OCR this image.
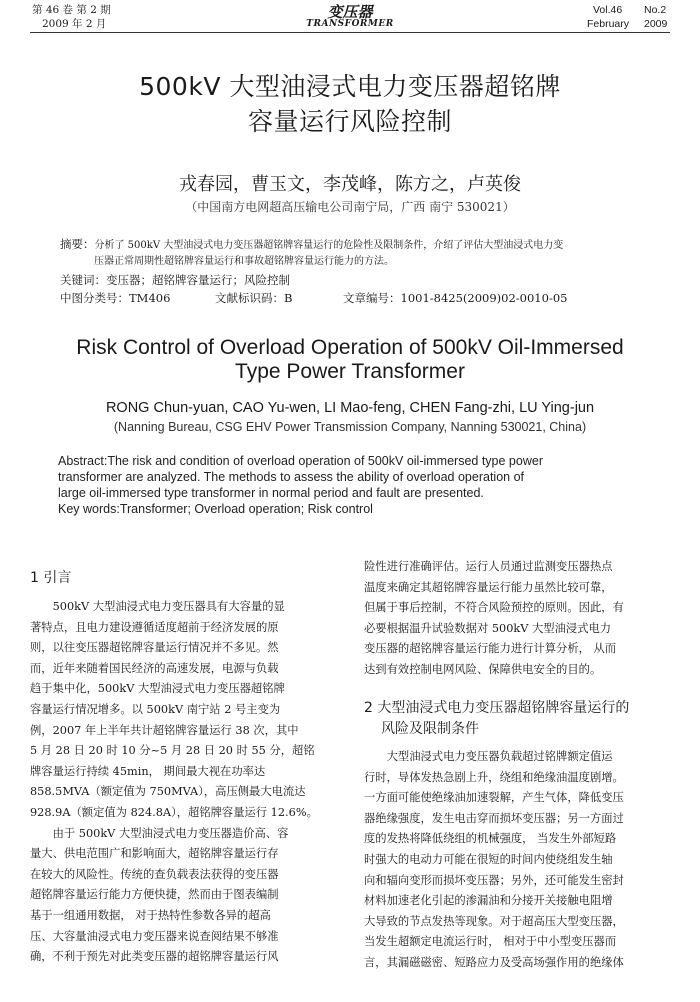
第 46 卷 第 2 期
2009 年 2 月
变压器
TRANSFORMER
Vol.46 No.2
February 2009
500kV 大型油浸式电力变压器超铭牌
容量运行风险控制
戎春园，曹玉文，李茂峰，陈方之，卢英俊
（中国南方电网超高压输电公司南宁局，广西 南宁 530021）
摘要：分析了 500kV 大型油浸式电力变压器超铭牌容量运行的危险性及限制条件，介绍了评估大型油浸式电力变
压器正常周期性超铭牌容量运行和事故超铭牌容量运行能力的方法。
关键词：变压器；超铭牌容量运行；风险控制
中图分类号：TM406	文献标识码：B	文章编号：1001-8425(2009)02-0010-05
Risk Control of Overload Operation of 500kV Oil-Immersed
Type Power Transformer
RONG Chun-yuan, CAO Yu-wen, LI Mao-feng, CHEN Fang-zhi, LU Ying-jun
(Nanning Bureau, CSG EHV Power Transmission Company, Nanning 530021, China)
Abstract:The risk and condition of overload operation of 500kV oil-immersed type power
transformer are analyzed. The methods to assess the ability of overload operation of
large oil-immersed type transformer in normal period and fault are presented.
Key words:Transformer; Overload operation; Risk control
1 引言
500kV 大型油浸式电力变压器具有大容量的显
著特点，且电力建设遵循适度超前于经济发展的原
则，以往变压器超铭牌容量运行情况并不多见。然
而，近年来随着国民经济的高速发展，电源与负载
趋于集中化，500kV 大型油浸式电力变压器超铭牌
容量运行情况增多。以 500kV 南宁站 2 号主变为
例，2007 年上半年共计超铭牌容量运行 38 次，其中
5 月 28 日 20 时 10 分~5 月 28 日 20 时 55 分，超铭
牌容量运行持续 45min， 期间最大视在功率达
858.5MVA（额定值为 750MVA），高压侧最大电流达
928.9A（额定值为 824.8A），超铭牌容量运行 12.6%。
由于 500kV 大型油浸式电力变压器造价高、容
量大、供电范围广和影响面大，超铭牌容量运行存
在较大的风险性。传统的查负载表法获得的变压器
超铭牌容量运行能力方便快捷，然而由于图表编制
基于一组通用数据， 对于热特性参数各异的超高
压、大容量油浸式电力变压器来说查阅结果不够准
确，不利于预先对此类变压器的超铭牌容量运行风
险性进行准确评估。运行人员通过监测变压器热点
温度来确定其超铭牌容量运行能力虽然比较可靠，
但属于事后控制，不符合风险预控的原则。因此，有
必要根据温升试验数据对 500kV 大型油浸式电力
变压器的超铭牌容量运行能力进行计算分析， 从而
达到有效控制电网风险、保障供电安全的目的。
2 大型油浸式电力变压器超铭牌容量运行的
风险及限制条件
大型油浸式电力变压器负载超过铭牌额定值运
行时，导体发热急剧上升，绕组和绝缘油温度剧增。
一方面可能使绝缘油加速裂解，产生气体，降低变压
器绝缘强度，发生电击穿而损坏变压器；另一方面过
度的发热将降低绕组的机械强度， 当发生外部短路
时强大的电动力可能在很短的时间内使绕组发生轴
向和辐向变形而损坏变压器；另外，还可能发生密封
材料加速老化引起的渗漏油和分接开关接触电阻增
大导致的节点发热等现象。对于超高压大型变压器，
当发生超额定电流运行时， 相对于中小型变压器而
言，其漏磁磁密、短路应力及受高场强作用的绝缘体
